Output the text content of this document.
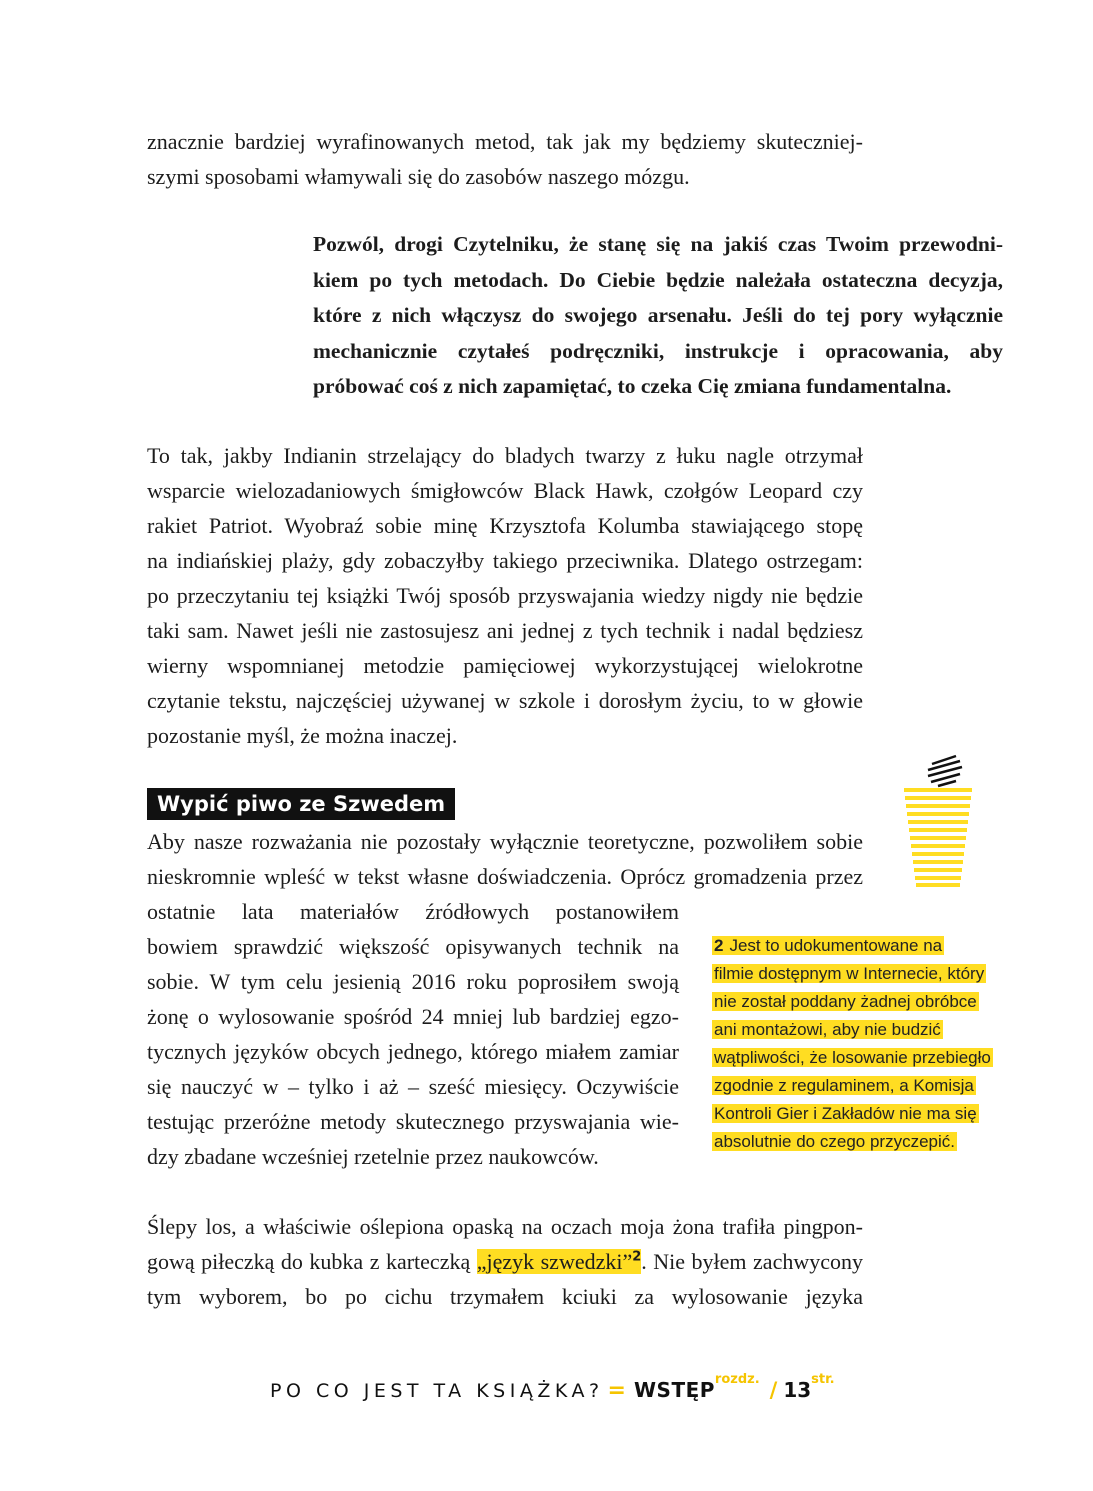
znacznie bardziej wyrafinowanych metod, tak jak my będziemy skuteczniej-
szymi sposobami włamywali się do zasobów naszego mózgu.
Pozwól, drogi Czytelniku, że stanę się na jakiś czas Twoim przewodni-
kiem po tych metodach. Do Ciebie będzie należała ostateczna decyzja,
które z nich włączysz do swojego arsenału. Jeśli do tej pory wyłącznie
mechanicznie czytałeś podręczniki, instrukcje i opracowania, aby
próbować coś z nich zapamiętać, to czeka Cię zmiana fundamentalna.
To tak, jakby Indianin strzelający do bladych twarzy z łuku nagle otrzymał
wsparcie wielozadaniowych śmigłowców Black Hawk, czołgów Leopard czy
rakiet Patriot. Wyobraź sobie minę Krzysztofa Kolumba stawiającego stopę
na indiańskiej plaży, gdy zobaczyłby takiego przeciwnika. Dlatego ostrzegam:
po przeczytaniu tej książki Twój sposób przyswajania wiedzy nigdy nie będzie
taki sam. Nawet jeśli nie zastosujesz ani jednej z tych technik i nadal będziesz
wierny wspomnianej metodzie pamięciowej wykorzystującej wielokrotne
czytanie tekstu, najczęściej używanej w szkole i dorosłym życiu, to w głowie
pozostanie myśl, że można inaczej.
Wypić piwo ze Szwedem
Aby nasze rozważania nie pozostały wyłącznie teoretyczne, pozwoliłem sobie
nieskromnie wpleść w tekst własne doświadczenia. Oprócz gromadzenia przez
ostatnie lata materiałów źródłowych postanowiłem
bowiem sprawdzić większość opisywanych technik na
sobie. W tym celu jesienią 2016 roku poprosiłem swoją
żonę o wylosowanie spośród 24 mniej lub bardziej egzo-
tycznych języków obcych jednego, którego miałem zamiar
się nauczyć w – tylko i aż – sześć miesięcy. Oczywiście
testując przeróżne metody skutecznego przyswajania wie-
dzy zbadane wcześniej rzetelnie przez naukowców.
2 Jest to udokumentowane na
filmie dostępnym w Internecie, który
nie został poddany żadnej obróbce
ani montażowi, aby nie budzić
wątpliwości, że losowanie przebiegło
zgodnie z regulaminem, a Komisja
Kontroli Gier i Zakładów nie ma się
absolutnie do czego przyczepić.
Ślepy los, a właściwie oślepiona opaską na oczach moja żona trafiła pingpon-
gową piłeczką do kubka z karteczką „język szwedzki”$^2$. Nie byłem zachwycony
tym wyborem, bo po cichu trzymałem kciuki za wylosowanie języka
PO CO JEST TA KSIĄŻKA? = WSTĘP$^{rozdz.}$ / 13$^{str.}$
